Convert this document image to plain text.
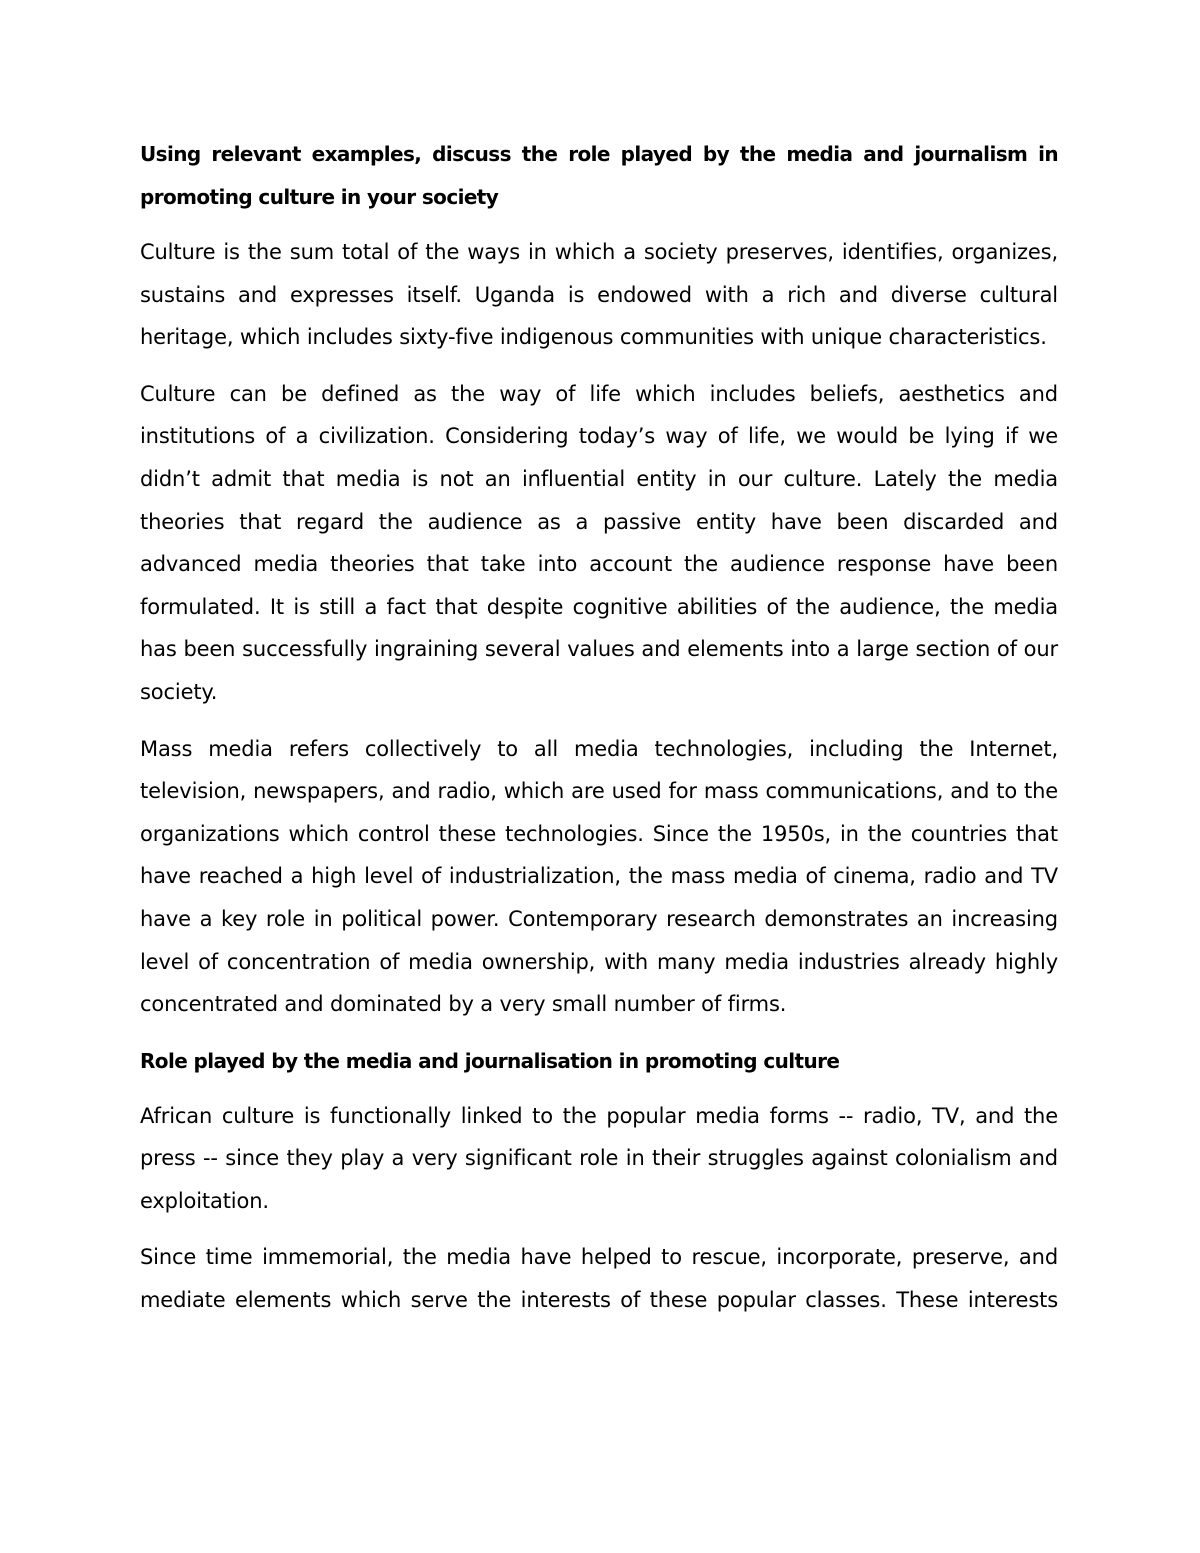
Using relevant examples, discuss the role played by the media and journalism in promoting culture in your society

Culture is the sum total of the ways in which a society preserves, identifies, organizes, sustains and expresses itself. Uganda is endowed with a rich and diverse cultural heritage, which includes sixty-five indigenous communities with unique characteristics.

Culture can be defined as the way of life which includes beliefs, aesthetics and institutions of a civilization. Considering today’s way of life, we would be lying if we didn’t admit that media is not an influential entity in our culture. Lately the media theories that regard the audience as a passive entity have been discarded and advanced media theories that take into account the audience response have been formulated. It is still a fact that despite cognitive abilities of the audience, the media has been successfully ingraining several values and elements into a large section of our society.

Mass media refers collectively to all media technologies, including the Internet, television, newspapers, and radio, which are used for mass communications, and to the organizations which control these technologies. Since the 1950s, in the countries that have reached a high level of industrialization, the mass media of cinema, radio and TV have a key role in political power. Contemporary research demonstrates an increasing level of concentration of media ownership, with many media industries already highly concentrated and dominated by a very small number of firms.

Role played by the media and journalisation in promoting culture

African culture is functionally linked to the popular media forms -- radio, TV, and the press -- since they play a very significant role in their struggles against colonialism and exploitation.

Since time immemorial, the media have helped to rescue, incorporate, preserve, and mediate elements which serve the interests of these popular classes. These interests
